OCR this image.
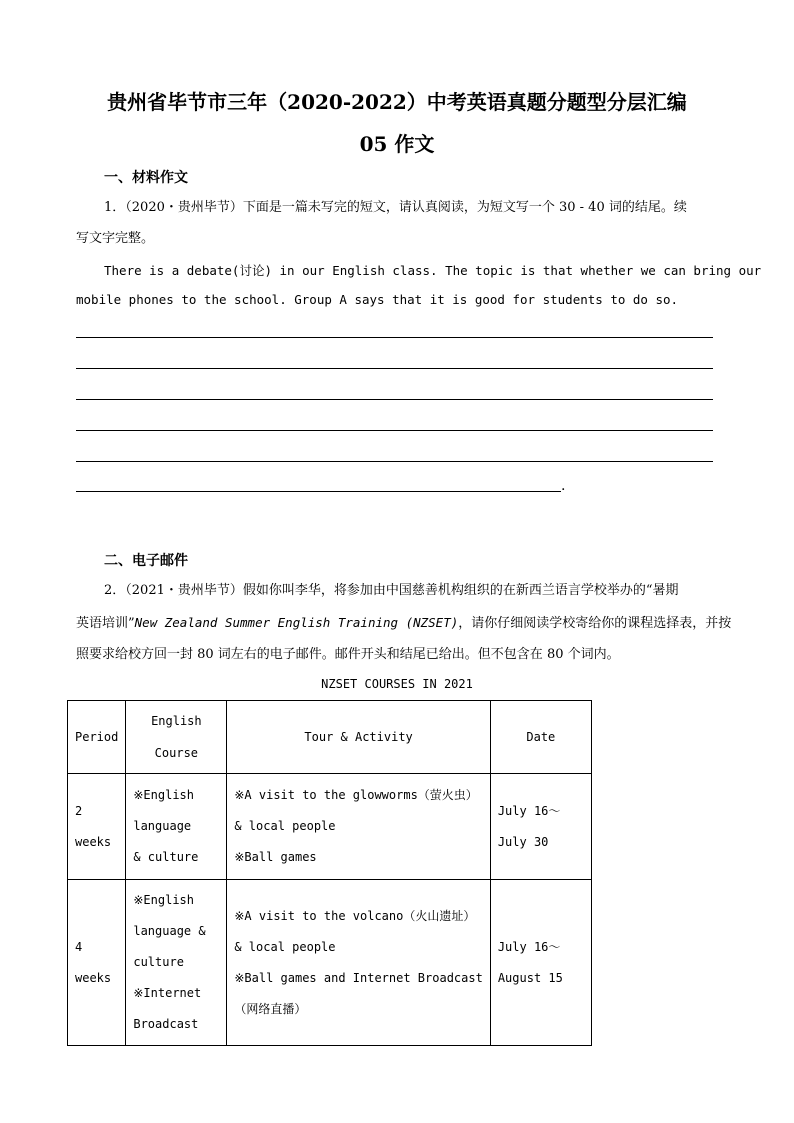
贵州省毕节市三年（2020-2022）中考英语真题分题型分层汇编
05 作文
一、材料作文
1．（2020・贵州毕节）下面是一篇未写完的短文，请认真阅读，为短文写一个 30 - 40 词的结尾。续
写文字完整。
There is a debate(讨论) in our English class. The topic is that whether we can bring our
mobile phones to the school. Group A says that it is good for students to do so.
.
二、电子邮件
2．（2021・贵州毕节）假如你叫李华，将参加由中国慈善机构组织的在新西兰语言学校举办的“暑期
英语培训”New Zealand Summer English Training (NZSET)，请你仔细阅读学校寄给你的课程选择表，并按
照要求给校方回一封 80 词左右的电子邮件。邮件开头和结尾已给出。但不包含在 80 个词内。
NZSET COURSES IN 2021
Period	English
Course	Tour & Activity	Date

2
weeks	※English
language
& culture	※A visit to the glowworms（萤火虫）
& local people
※Ball games	July 16～
July 30

4
weeks	※English
language &
culture
※Internet
Broadcast	※A visit to the volcano（火山遗址）
& local people
※Ball games and Internet Broadcast
（网络直播）	July 16～
August 15
